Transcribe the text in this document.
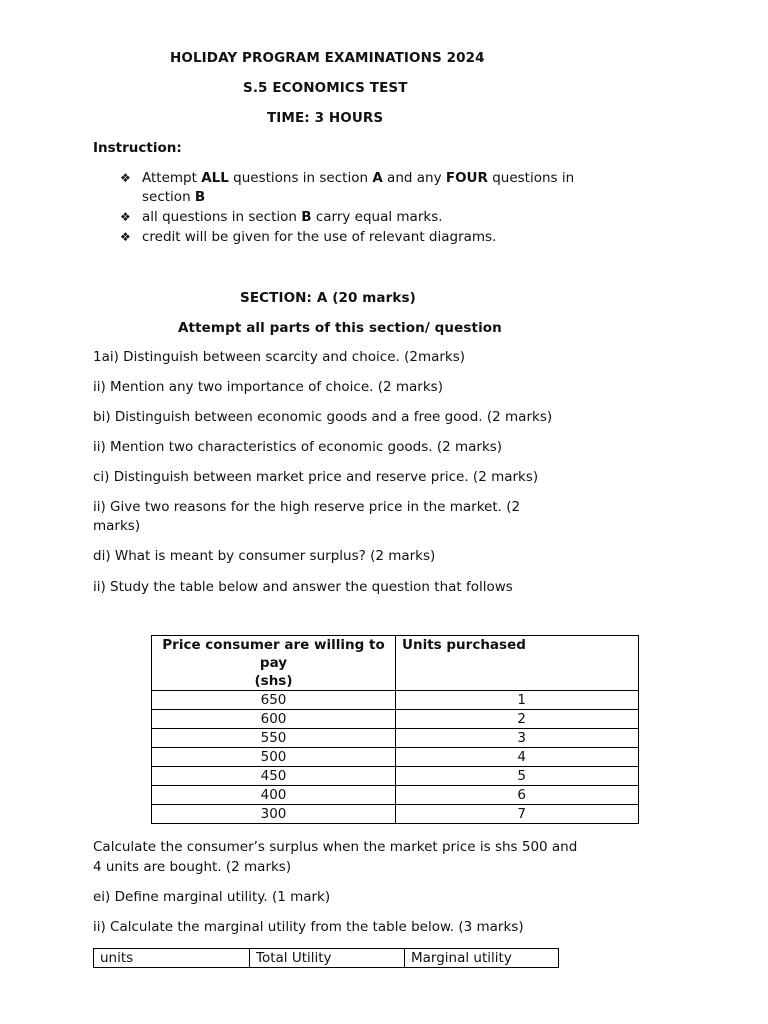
HOLIDAY PROGRAM EXAMINATIONS 2024
S.5 ECONOMICS TEST
TIME: 3 HOURS
Instruction:
❖ Attempt ALL questions in section A and any FOUR questions in
section B
❖ all questions in section B carry equal marks.
❖ credit will be given for the use of relevant diagrams.
SECTION: A (20 marks)
Attempt all parts of this section/ question
1ai) Distinguish between scarcity and choice. (2marks)
ii) Mention any two importance of choice. (2 marks)
bi) Distinguish between economic goods and a free good. (2 marks)
ii) Mention two characteristics of economic goods. (2 marks)
ci) Distinguish between market price and reserve price. (2 marks)
ii) Give two reasons for the high reserve price in the market. (2
marks)
di) What is meant by consumer surplus? (2 marks)
ii) Study the table below and answer the question that follows
Price consumer are willing to pay
(shs)	Units purchased
650	1
600	2
550	3
500	4
450	5
400	6
300	7
Calculate the consumer’s surplus when the market price is shs 500 and
4 units are bought. (2 marks)
ei) Define marginal utility. (1 mark)
ii) Calculate the marginal utility from the table below. (3 marks)
units	Total Utility	Marginal utility
